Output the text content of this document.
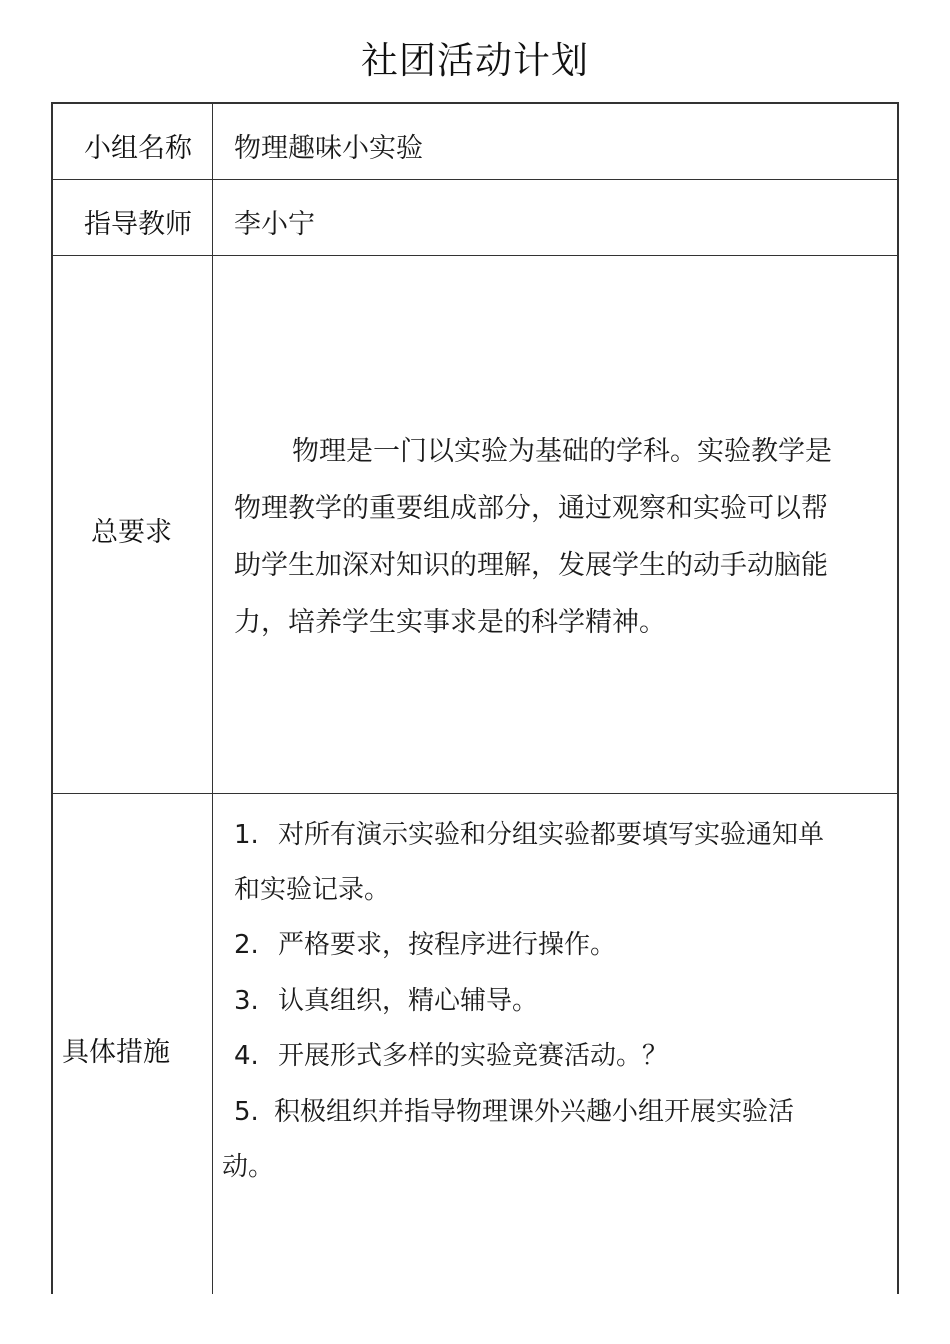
社团活动计划
小组名称 物理趣味小实验
指导教师 李小宁
总要求
物理是一门以实验为基础的学科。实验教学是
物理教学的重要组成部分，通过观察和实验可以帮
助学生加深对知识的理解，发展学生的动手动脑能
力，培养学生实事求是的科学精神。
具体措施
1. 对所有演示实验和分组实验都要填写实验通知单
和实验记录。
2. 严格要求，按程序进行操作。
3. 认真组织，精心辅导。
4. 开展形式多样的实验竞赛活动。？
5. 积极组织并指导物理课外兴趣小组开展实验活
动。
